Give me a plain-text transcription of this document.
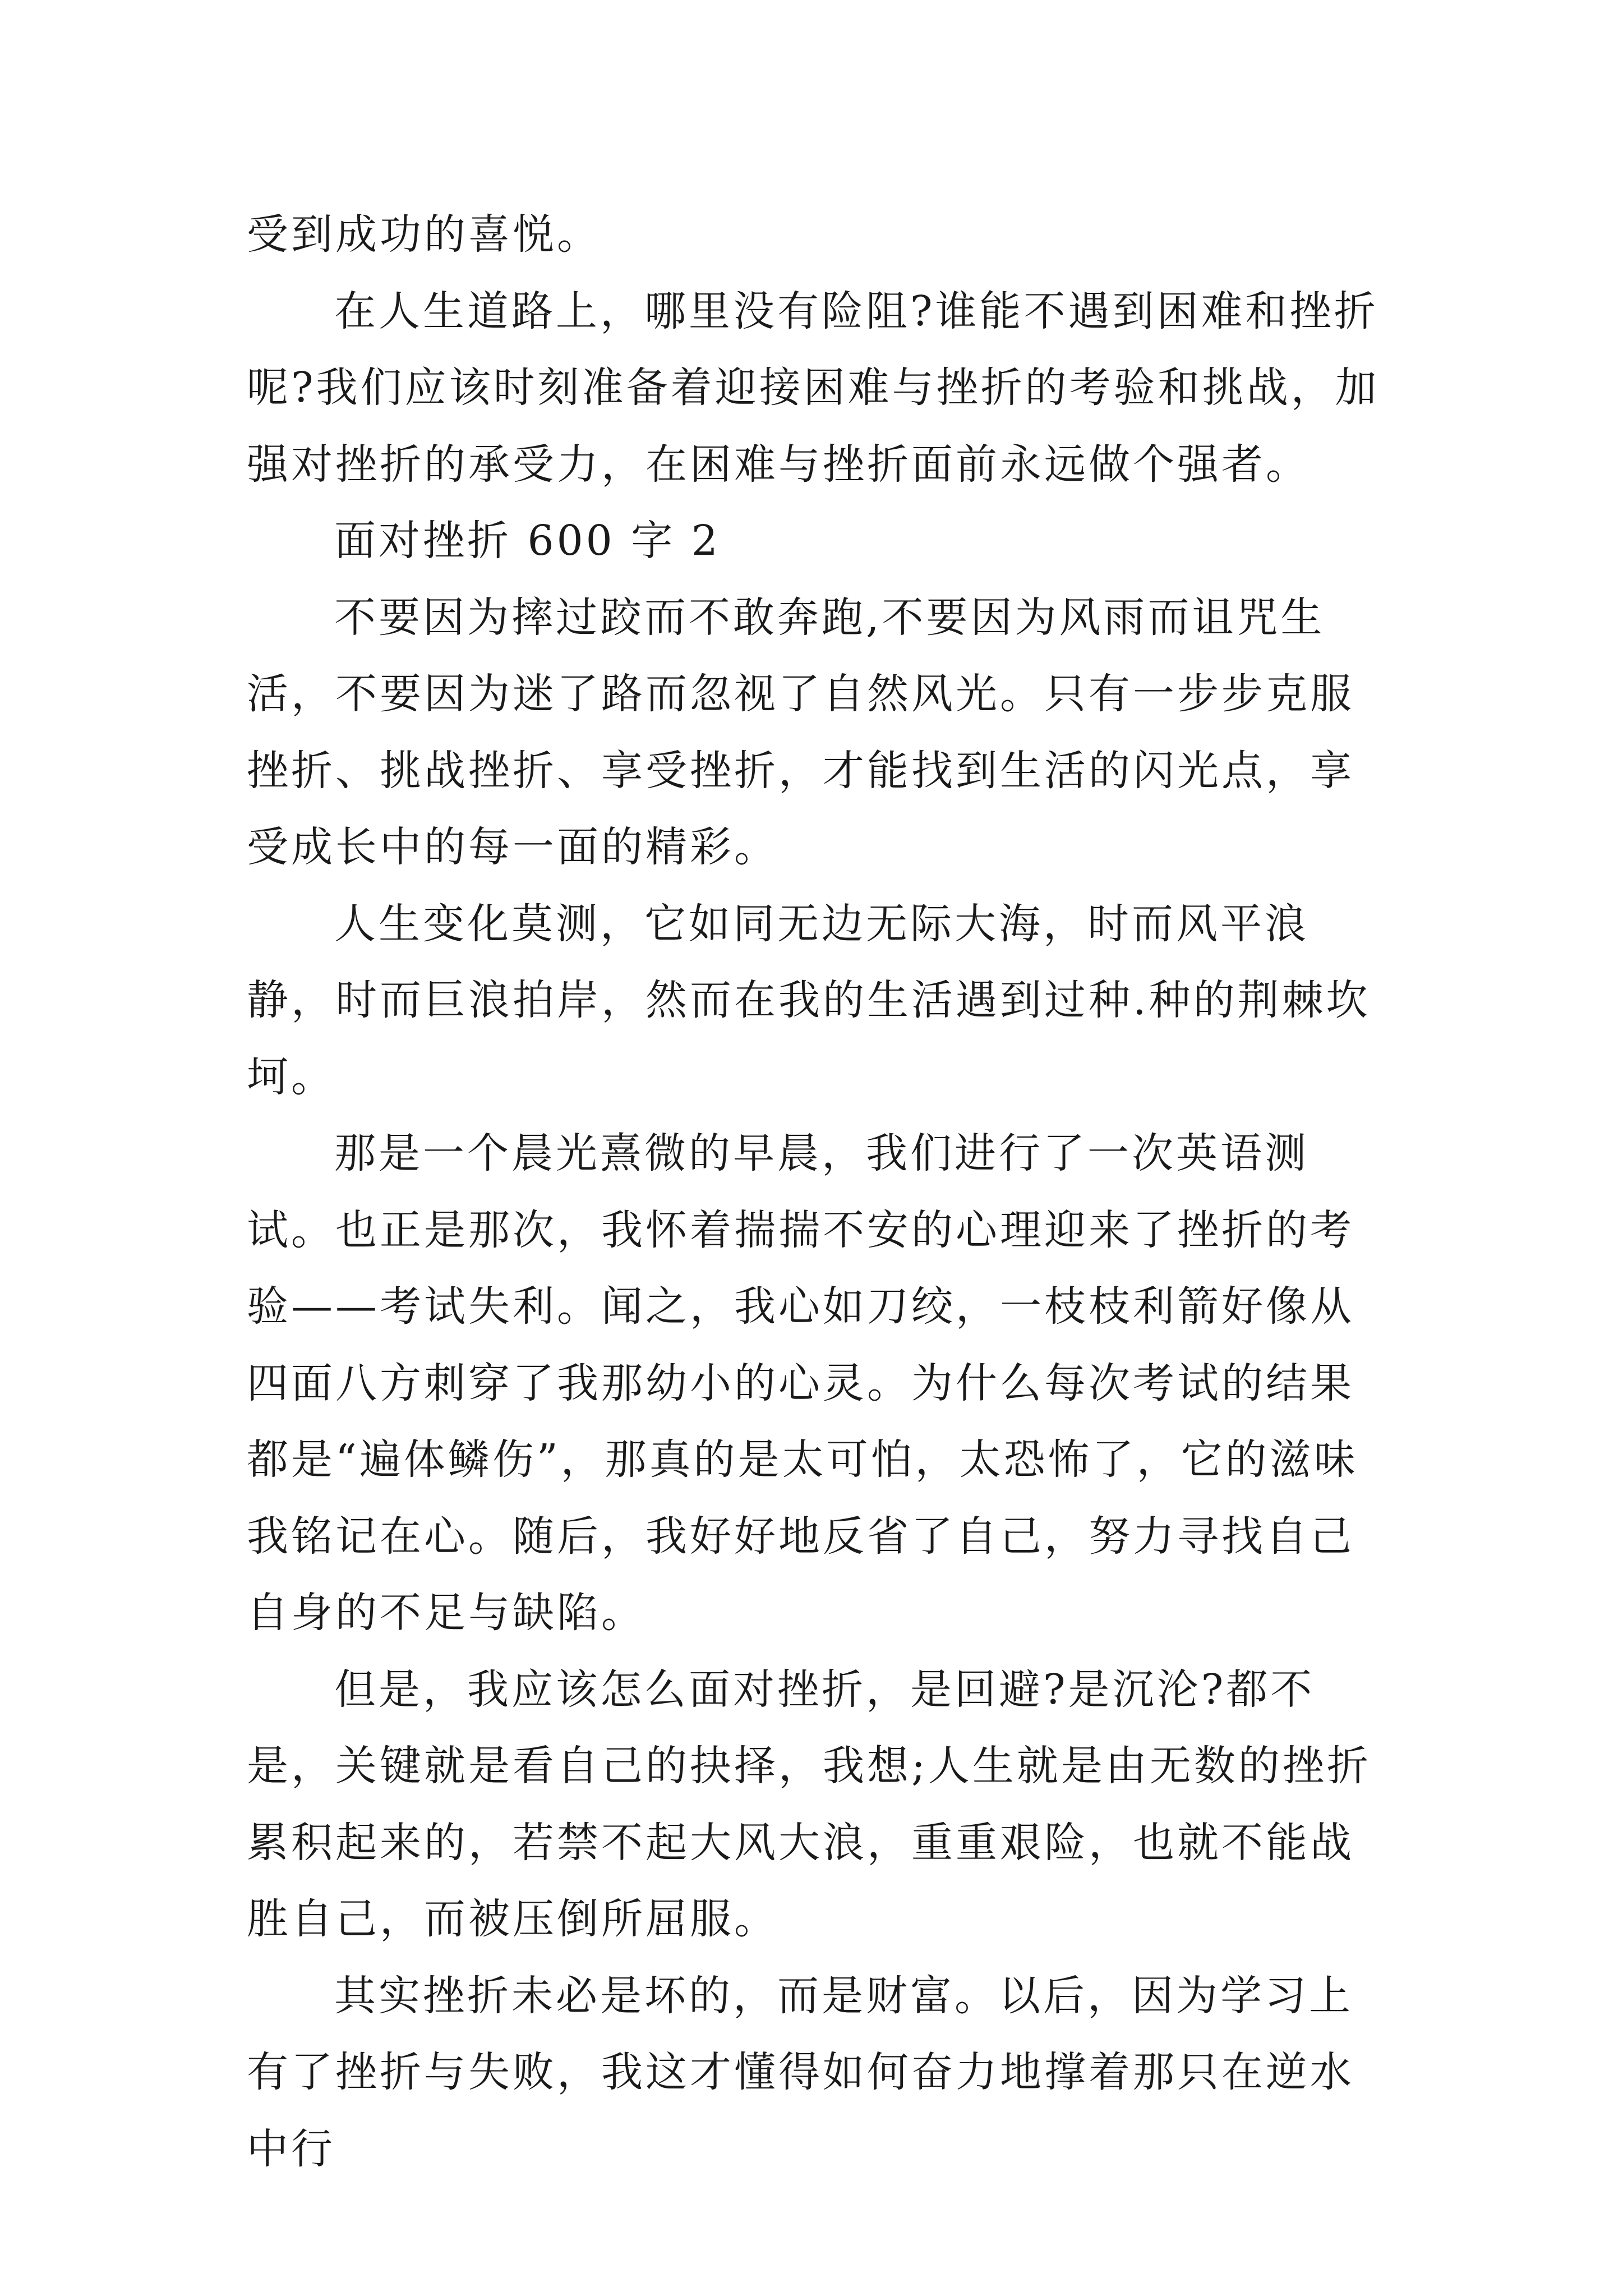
受到成功的喜悦。

在人生道路上，哪里没有险阻?谁能不遇到困难和挫折呢?我们应该时刻准备着迎接困难与挫折的考验和挑战，加强对挫折的承受力，在困难与挫折面前永远做个强者。

面对挫折 600 字 2

不要因为摔过跤而不敢奔跑,不要因为风雨而诅咒生活，不要因为迷了路而忽视了自然风光。只有一步步克服挫折、挑战挫折、享受挫折，才能找到生活的闪光点，享受成长中的每一面的精彩。

人生变化莫测，它如同无边无际大海，时而风平浪静，时而巨浪拍岸，然而在我的生活遇到过种.种的荆棘坎坷。

那是一个晨光熹微的早晨，我们进行了一次英语测试。也正是那次，我怀着揣揣不安的心理迎来了挫折的考验——考试失利。闻之，我心如刀绞，一枝枝利箭好像从四面八方刺穿了我那幼小的心灵。为什么每次考试的结果都是“遍体鳞伤”，那真的是太可怕，太恐怖了，它的滋味我铭记在心。随后，我好好地反省了自己，努力寻找自己自身的不足与缺陷。

但是，我应该怎么面对挫折，是回避?是沉沦?都不是，关键就是看自己的抉择，我想;人生就是由无数的挫折累积起来的，若禁不起大风大浪，重重艰险，也就不能战胜自己，而被压倒所屈服。

其实挫折未必是坏的，而是财富。以后，因为学习上有了挫折与失败，我这才懂得如何奋力地撑着那只在逆水中行
